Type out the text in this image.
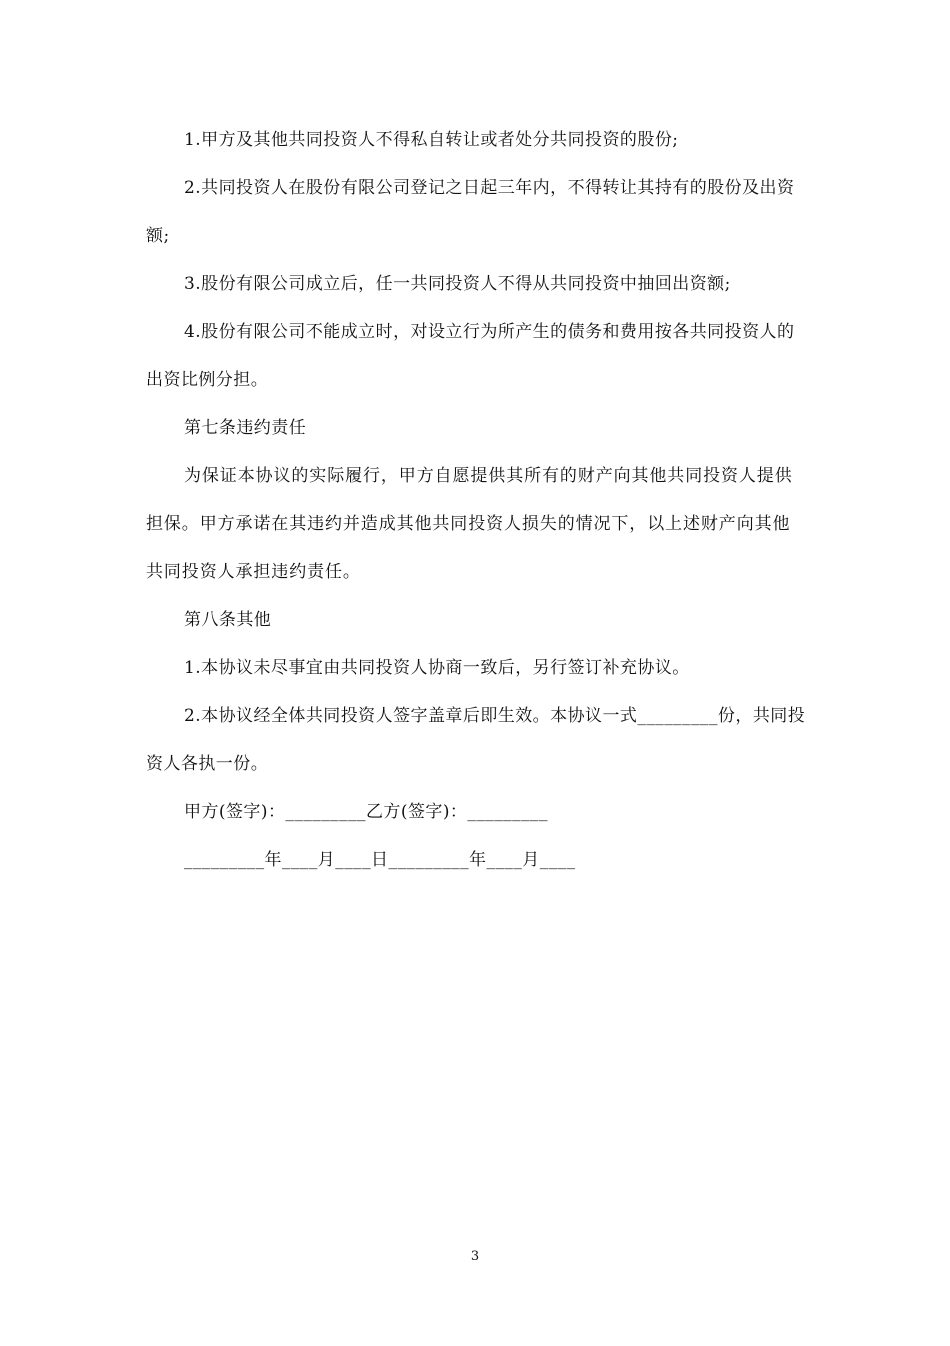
1.甲方及其他共同投资人不得私自转让或者处分共同投资的股份;

2.共同投资人在股份有限公司登记之日起三年内，不得转让其持有的股份及出资额;

3.股份有限公司成立后，任一共同投资人不得从共同投资中抽回出资额;

4.股份有限公司不能成立时，对设立行为所产生的债务和费用按各共同投资人的出资比例分担。

第七条违约责任

为保证本协议的实际履行，甲方自愿提供其所有的财产向其他共同投资人提供担保。甲方承诺在其违约并造成其他共同投资人损失的情况下，以上述财产向其他共同投资人承担违约责任。

第八条其他

1.本协议未尽事宜由共同投资人协商一致后，另行签订补充协议。

2.本协议经全体共同投资人签字盖章后即生效。本协议一式_________份，共同投资人各执一份。

甲方(签字)：_________乙方(签字)：_________

_________年____月____日_________年____月____

3
